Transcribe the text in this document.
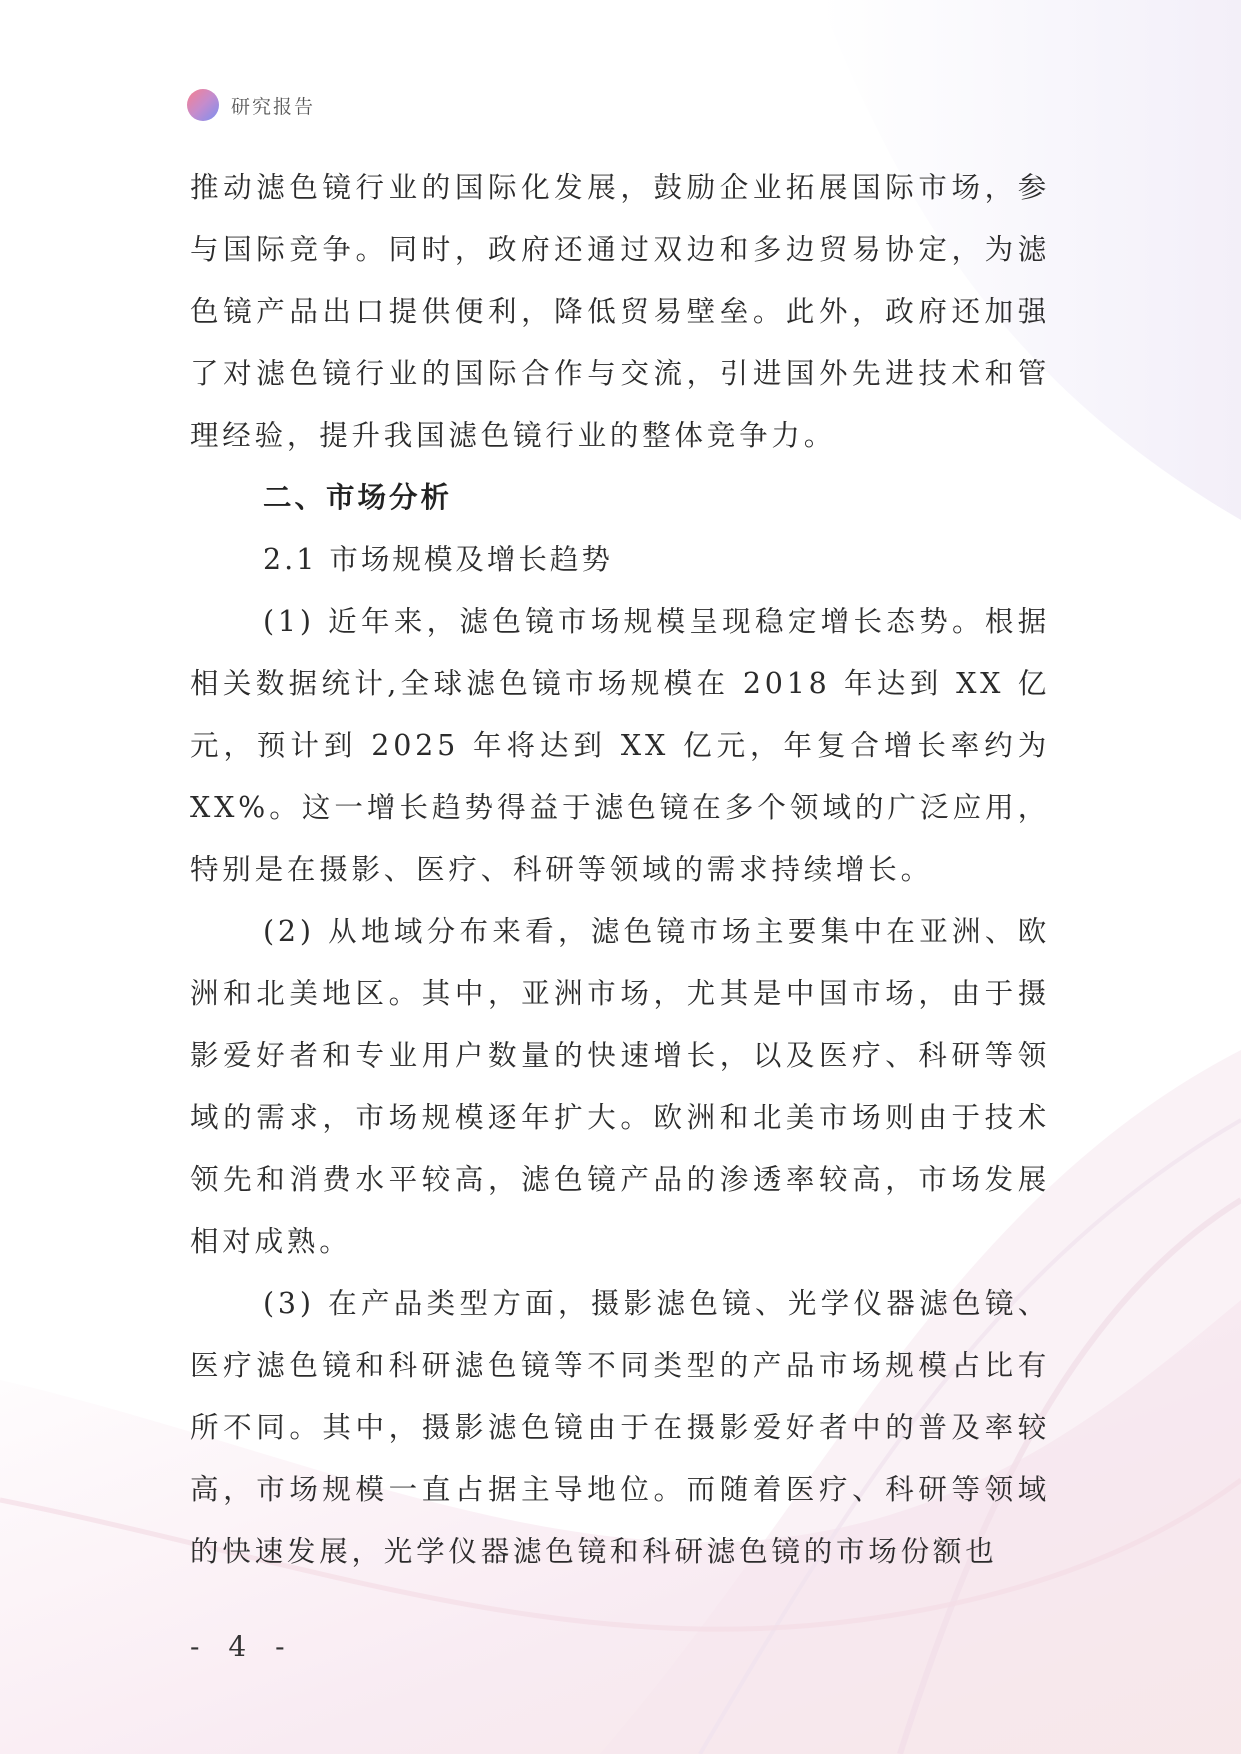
研究报告

推动滤色镜行业的国际化发展，鼓励企业拓展国际市场，参与国际竞争。同时，政府还通过双边和多边贸易协定，为滤色镜产品出口提供便利，降低贸易壁垒。此外，政府还加强了对滤色镜行业的国际合作与交流，引进国外先进技术和管理经验，提升我国滤色镜行业的整体竞争力。

二、市场分析

2.1 市场规模及增长趋势

(1) 近年来，滤色镜市场规模呈现稳定增长态势。根据相关数据统计,全球滤色镜市场规模在 2018 年达到 XX 亿元，预计到 2025 年将达到 XX 亿元，年复合增长率约为 XX%。这一增长趋势得益于滤色镜在多个领域的广泛应用，特别是在摄影、医疗、科研等领域的需求持续增长。

(2) 从地域分布来看，滤色镜市场主要集中在亚洲、欧洲和北美地区。其中，亚洲市场，尤其是中国市场，由于摄影爱好者和专业用户数量的快速增长，以及医疗、科研等领域的需求，市场规模逐年扩大。欧洲和北美市场则由于技术领先和消费水平较高，滤色镜产品的渗透率较高，市场发展相对成熟。

(3) 在产品类型方面，摄影滤色镜、光学仪器滤色镜、医疗滤色镜和科研滤色镜等不同类型的产品市场规模占比有所不同。其中，摄影滤色镜由于在摄影爱好者中的普及率较高，市场规模一直占据主导地位。而随着医疗、科研等领域的快速发展，光学仪器滤色镜和科研滤色镜的市场份额也

- 4 -
